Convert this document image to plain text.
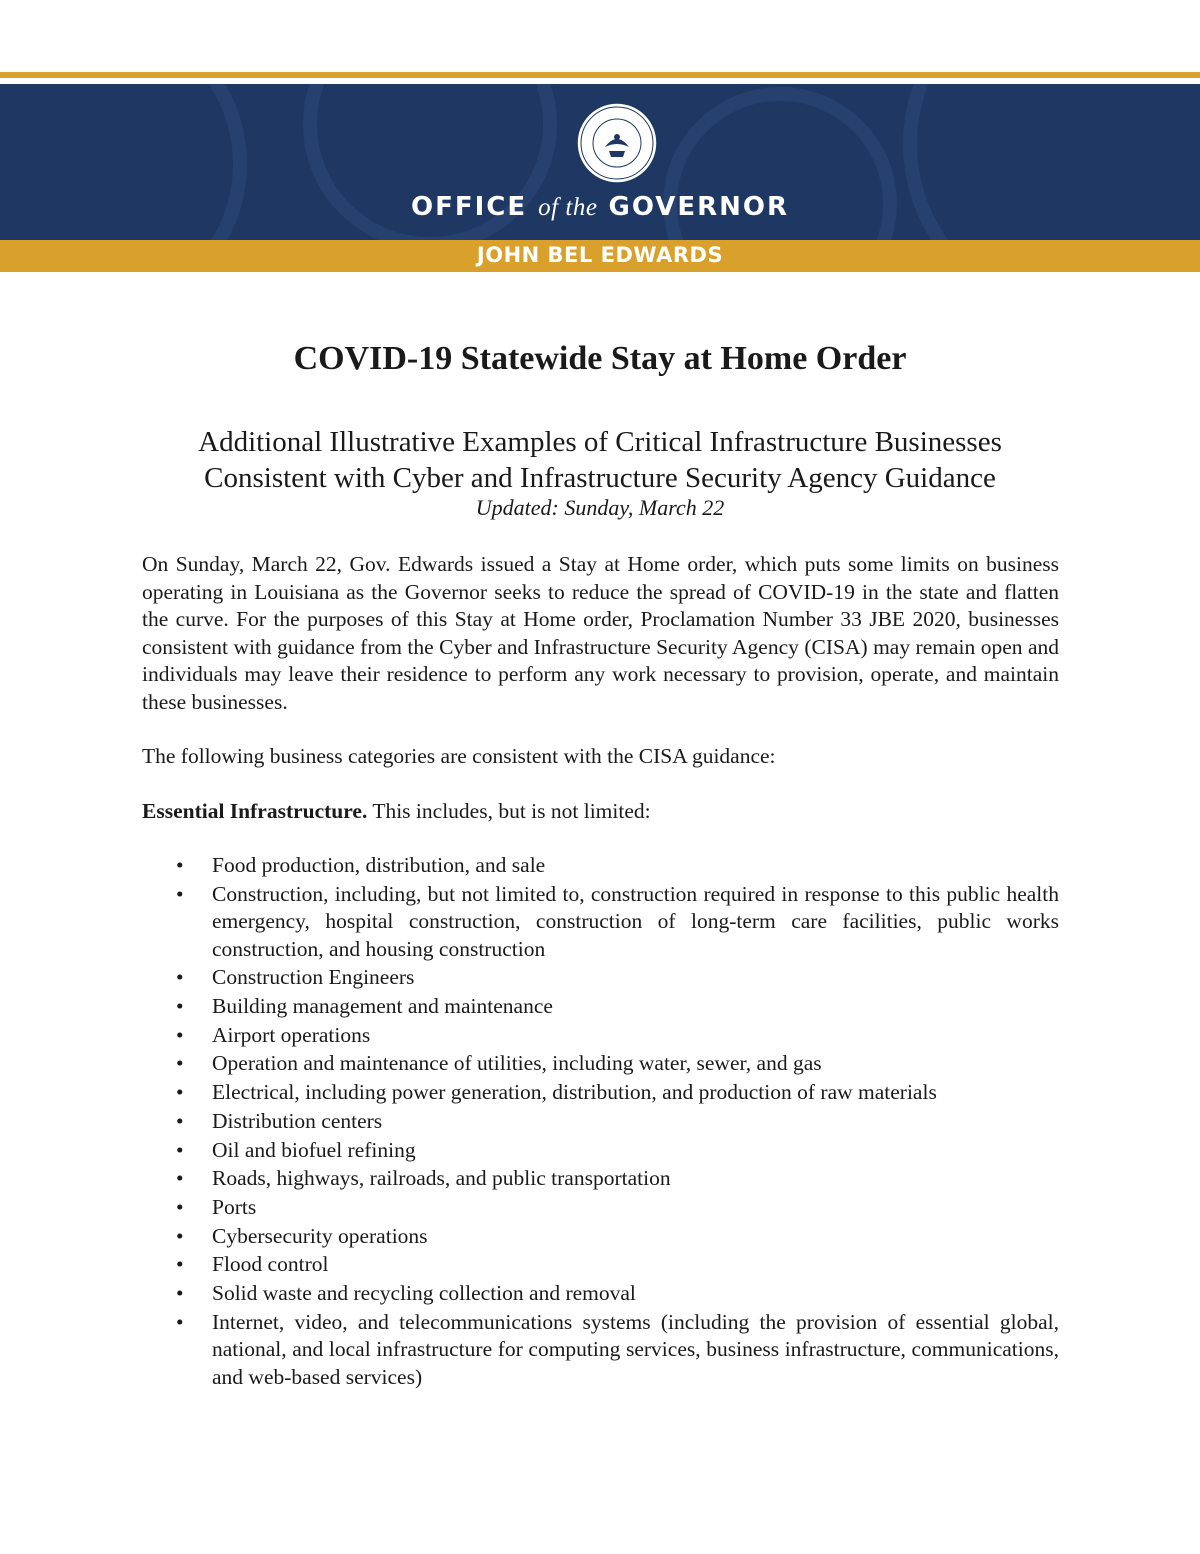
OFFICE of the GOVERNOR
JOHN BEL EDWARDS
COVID-19 Statewide Stay at Home Order
Additional Illustrative Examples of Critical Infrastructure Businesses
Consistent with Cyber and Infrastructure Security Agency Guidance
Updated: Sunday, March 22

On Sunday, March 22, Gov. Edwards issued a Stay at Home order, which puts some limits on business operating in Louisiana as the Governor seeks to reduce the spread of COVID-19 in the state and flatten the curve. For the purposes of this Stay at Home order, Proclamation Number 33 JBE 2020, businesses consistent with guidance from the Cyber and Infrastructure Security Agency (CISA) may remain open and individuals may leave their residence to perform any work necessary to provision, operate, and maintain these businesses.

The following business categories are consistent with the CISA guidance:

Essential Infrastructure. This includes, but is not limited:

• Food production, distribution, and sale
• Construction, including, but not limited to, construction required in response to this public health emergency, hospital construction, construction of long-term care facilities, public works construction, and housing construction
• Construction Engineers
• Building management and maintenance
• Airport operations
• Operation and maintenance of utilities, including water, sewer, and gas
• Electrical, including power generation, distribution, and production of raw materials
• Distribution centers
• Oil and biofuel refining
• Roads, highways, railroads, and public transportation
• Ports
• Cybersecurity operations
• Flood control
• Solid waste and recycling collection and removal
• Internet, video, and telecommunications systems (including the provision of essential global, national, and local infrastructure for computing services, business infrastructure, communications, and web-based services)
